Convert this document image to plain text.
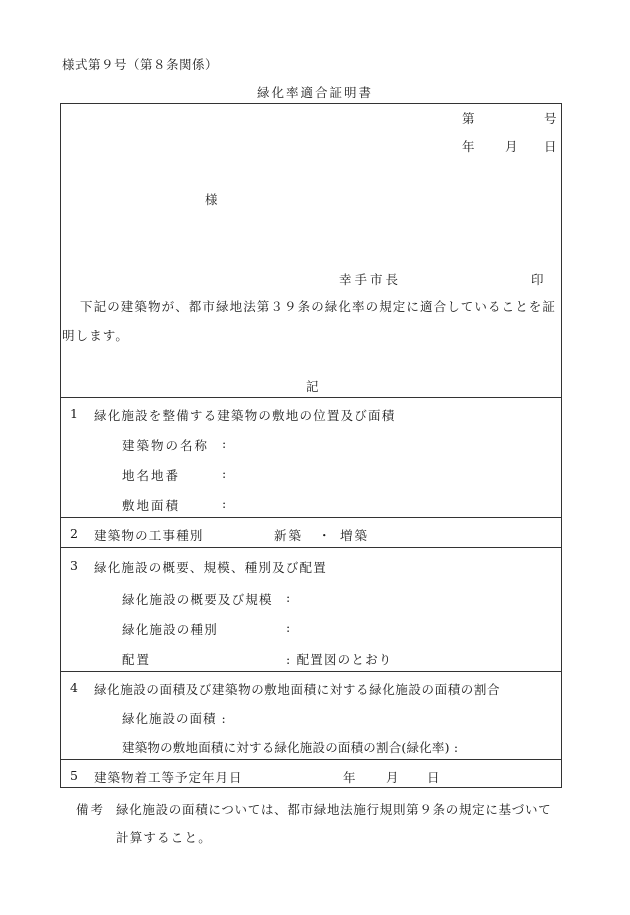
様式第９号（第８条関係）
緑化率適合証明書
第	号
年 月 日
様
幸手市長	印
下記の建築物が、都市緑地法第３９条の緑化率の規定に適合していることを証
明します。
記
1 緑化施設を整備する建築物の敷地の位置及び面積
建築物の名称 :
地名地番	:
敷地面積	:
2 建築物の工事種別	新築 ・ 増築
3 緑化施設の概要、規模、種別及び配置
緑化施設の概要及び規模 :
緑化施設の種別	:
配置	: 配置図のとおり
4 緑化施設の面積及び建築物の敷地面積に対する緑化施設の面積の割合
緑化施設の面積 :
建築物の敷地面積に対する緑化施設の面積の割合(緑化率) :
5 建築物着工等予定年月日	年 月 日
備考 緑化施設の面積については、都市緑地法施行規則第９条の規定に基づいて
計算すること。
